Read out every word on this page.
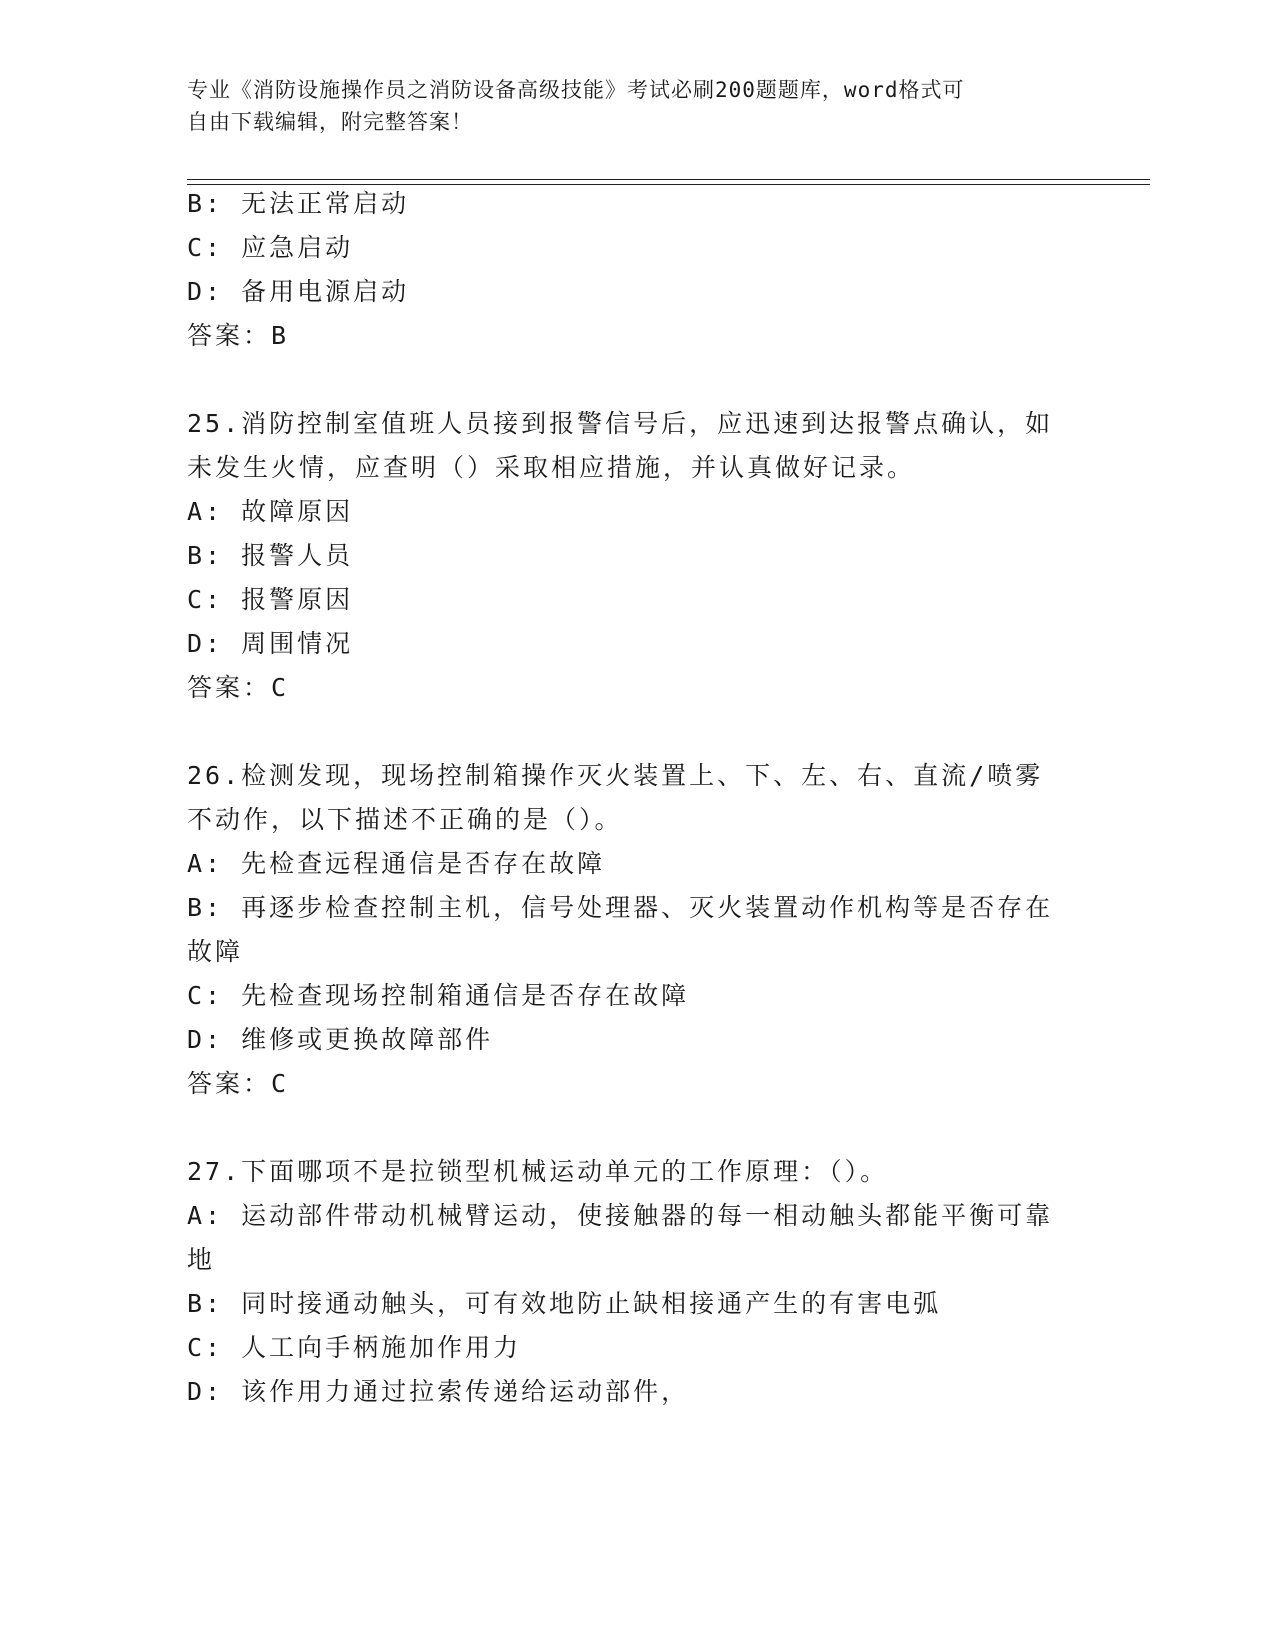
专业《消防设施操作员之消防设备高级技能》考试必刷200题题库，word格式可
自由下载编辑，附完整答案！
B: 无法正常启动
C: 应急启动
D: 备用电源启动
答案：B
25.消防控制室值班人员接到报警信号后，应迅速到达报警点确认，如
未发生火情，应查明（）采取相应措施，并认真做好记录。
A: 故障原因
B: 报警人员
C: 报警原因
D: 周围情况
答案：C
26.检测发现，现场控制箱操作灭火装置上、下、左、右、直流/喷雾
不动作，以下描述不正确的是（）。
A: 先检查远程通信是否存在故障
B: 再逐步检查控制主机，信号处理器、灭火装置动作机构等是否存在
故障
C: 先检查现场控制箱通信是否存在故障
D: 维修或更换故障部件
答案：C
27.下面哪项不是拉锁型机械运动单元的工作原理：（）。
A: 运动部件带动机械臂运动，使接触器的每一相动触头都能平衡可靠
地
B: 同时接通动触头，可有效地防止缺相接通产生的有害电弧
C: 人工向手柄施加作用力
D: 该作用力通过拉索传递给运动部件，
